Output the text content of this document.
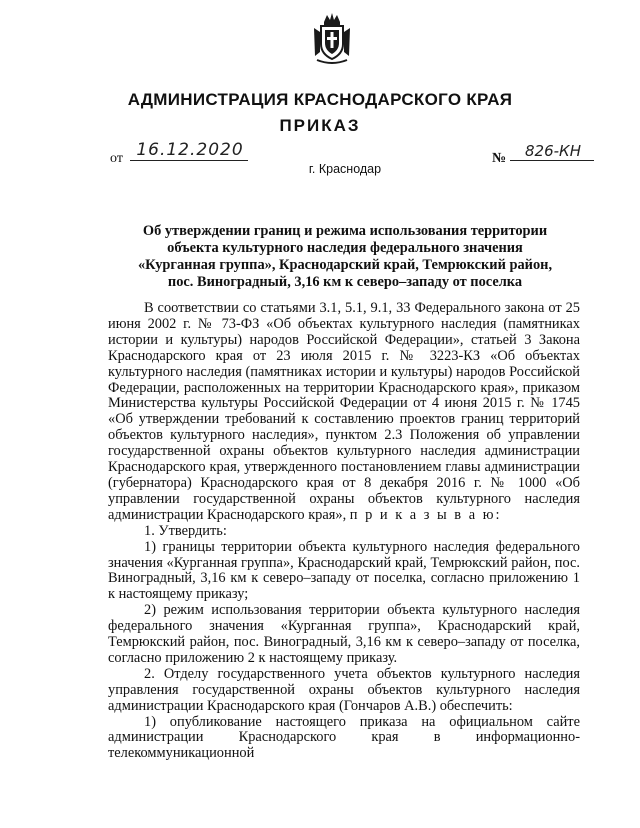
АДМИНИСТРАЦИЯ КРАСНОДАРСКОГО КРАЯ
ПРИКАЗ
от 16.12.2020	№	826-КН
г. Краснодар
Об утверждении границ и режима использования территории
объекта культурного наследия федерального значения
«Курганная группа», Краснодарский край, Темрюкский район,
пос. Виноградный, 3,16 км к северо–западу от поселка

В соответствии со статьями 3.1, 5.1, 9.1, 33 Федерального закона от 25 июня 2002 г. № 73-ФЗ «Об объектах культурного наследия (памятниках истории и культуры) народов Российской Федерации», статьей 3 Закона Краснодарского края от 23 июля 2015 г. № 3223-КЗ «Об объектах культурного наследия (памятниках истории и культуры) народов Российской Федерации, расположенных на территории Краснодарского края», приказом Министерства культуры Российской Федерации от 4 июня 2015 г. № 1745 «Об утверждении требований к составлению проектов границ территорий объектов культурного наследия», пунктом 2.3 Положения об управлении государственной охраны объектов культурного наследия администрации Краснодарского края, утвержденного постановлением главы администрации (губернатора) Краснодарского края от 8 декабря 2016 г. № 1000 «Об управлении государственной охраны объектов культурного наследия администрации Краснодарского края», п р и к а з ы в а ю:

1. Утвердить:

1) границы территории объекта культурного наследия федерального значения «Курганная группа», Краснодарский край, Темрюкский район, пос. Виноградный, 3,16 км к северо–западу от поселка, согласно приложению 1 к настоящему приказу;

2) режим использования территории объекта культурного наследия федерального значения «Курганная группа», Краснодарский край, Темрюкский район, пос. Виноградный, 3,16 км к северо–западу от поселка, согласно приложению 2 к настоящему приказу.

2. Отделу государственного учета объектов культурного наследия управления государственной охраны объектов культурного наследия администрации Краснодарского края (Гончаров А.В.) обеспечить:

1) опубликование настоящего приказа на официальном сайте администрации Краснодарского края в информационно-телекоммуникационной
